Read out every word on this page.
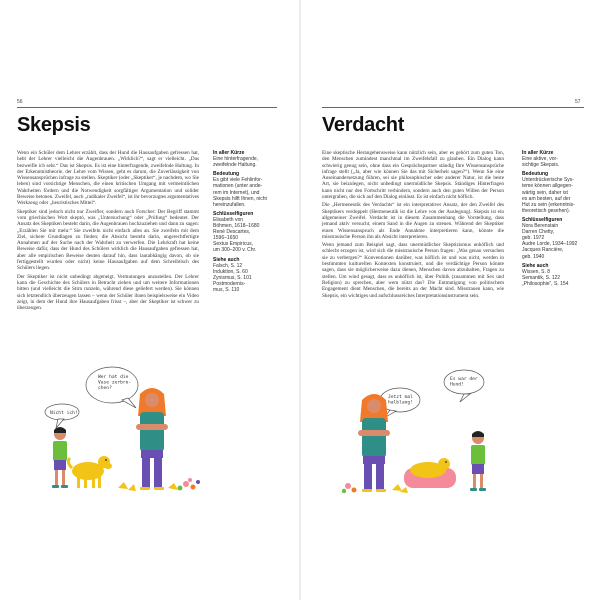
56
Skepsis

Wenn ein Schüler dem Lehrer erzählt, dass der Hund die Hausaufgaben gefressen hat, hebt der Lehrer vielleicht die Augenbrauen. „Wirklich?“, sagt er vielleicht. „Das bezweifle ich sehr.“ Das ist Skepsis. Es ist eine hinterfragende, zweifelnde Haltung. In der Erkenntnistheorie, der Lehre vom Wissen, geht es darum, die Zuverlässigkeit von Wissensansprüchen infrage zu stellen. Skeptiker (oder „Skeptiker“, je nachdem, wo Sie leben) sind vorsichtige Menschen, die einen kritischen Umgang mit vermeintlichen Wahrheiten fördern und die Notwendigkeit sorgfältiger Argumentation und solider Beweise betonen. Zweifel, auch „radikaler Zweifel“, ist ihr bevorzugtes argumentatives Werkzeug oder „heuristisches Mittel“.

Skeptiker sind jedoch nicht nur Zweifler, sondern auch Forscher: Der Begriff stammt vom griechischen Wort skeptó, was „Untersuchung“ oder „Prüfung“ bedeutet. Der Ansatz des Skeptiken besteht darin, die Augenbrauen hochzuziehen und dann zu sagen: „Erzählen Sie mir mehr.“ Sie zweifeln nicht einfach alles an. Sie zweifeln mit dem Ziel, sichere Grundlagen zu finden; die Absicht besteht darin, ungerechtfertigte Annahmen auf der Suche nach der Wahrheit zu verwerfen. Die Lehrkraft hat keine Beweise dafür, dass der Hund des Schülers wirklich die Hausaufgaben gefressen hat, aber alle empirischen Beweise deuten darauf hin, dass lautabhängig davon, ob sie fertiggestellt wurden oder nicht) keine Hausaufgaben auf dem Schreibtisch des Schülers liegen.

Der Skeptiker ist nicht unbedingt abgeneigt, Vermutungen anzustellen. Der Lehrer kann die Geschichte des Schülers in Betracht ziehen und um weitere Informationen bitten (und vielleicht die Stirn runzeln, während diese geliefert werden). Sie können sich letztendlich überzeugen lassen – wenn der Schüler ihnen beispielsweise ein Video zeigt, in dem der Hund ihre Hausaufgaben frisst –, aber der Skeptiker ist schwer zu überzeugen.

In aller Kürze
Eine hinterfragende,
zweifelnde Haltung.
Bedeutung
Es gibt viele Fehlinfor-
mationen (unter ande-
rem im Internet), und
Skepsis hilft Ihnen, nicht
hereinzufallen.
Schlüsselfiguren
Elisabeth von
Böhmen, 1618–1680
René Descartes,
1596–1650
Sextus Empiricus,
um 300–200 v. Chr.
Siehe auch
Falsch, S. 12
Induktion, S. 60
Zynismus, S. 101
Postmodernis-
mus, S. 110
Wer hat die Vase zerbro-chen?
Nicht ich!
57
Verdacht

Eine skeptische Herangehensweise kann nützlich sein, aber es gehört zum guten Ton, den Menschen zumindest manchmal im Zweifelsfall zu glauben. Ein Dialog kann schwierig genug sein, ohne dass ein Gesprächspartner ständig Ihre Wissensansprüche infrage stellt („Ja, aber wie können Sie das mit Sicherheit sagen?“). Wenn Sie eine Auseinandersetzung führen, sei sie philosophischer oder anderer Natur, ist die beste Art, sie beizulegen, nicht unbedingt unermüdliche Skepsis. Ständiges Hinterfragen kann nicht nur den Fortschritt verhindern, sondern auch den guten Willen der Person untergraben, die sich auf den Dialog einlässt. Es ist einfach nicht höflich.

Die „Hermeneutik des Verdachts“ ist ein interpretativer Ansatz, der den Zweifel des Skeptikers verdoppelt (Hermeneutik ist die Lehre von der Auslegung). Skepsis ist ein allgemeiner Zweifel. Verdacht ist in diesem Zusammenhang die Vorstellung, dass jemand aktiv versucht, einem Sand in die Augen zu streuen. Während der Skeptiker einen Wissensanspruch als Ende Annahme interpretieren kann, könnte die misstrauische Person ihn als Absicht interpretieren.

Wenn jemand zum Beispiel sagt, dass unermüdlicher Skeptizismus unhöflich und schlecht erzogen ist, wird sich die misstrauische Person fragen: „Was genau versuchen sie zu verbergen?“ Konventionen darüber, was höflich ist und was nicht, werden in bestimmten kulturellen Kontexten konstruiert, und die verdächtige Person könnte sagen, dass sie möglicherweise dazu dienen, Menschen davon abzuhalten, Fragen zu stellen. Um wind gesagt, dass es unhöflich ist, über Politik (zusammen mit Sex und Religion) zu sprechen, aber wem nützt das? Die Entmutigung von politischem Engagement dient Menschen, die bereits an der Macht sind. Misstrauen kann, wie Skepsis, ein wichtiges und aufschlussreiches Interpretationsinstrument sein.

In aller Kürze
Eine aktive, vor-
sichtige Skepsis.
Bedeutung
Unterdrückerische Sys-
teme können allgegen-
wärtig sein, daher ist
es am besten, auf der
Hut zu sein (erkenntnis-
theoretisch gesehen).
Schlüsselfiguren
Nora Berenstain
Darren Chetty,
geb. 1972
Audre Lorde, 1934–1992
Jacques Rancière,
geb. 1940
Siehe auch
Wissen, S. 8
Semantik, S. 122
„Philosophie“, S. 154
Jetzt mal halblang!
Es war der Hund!
